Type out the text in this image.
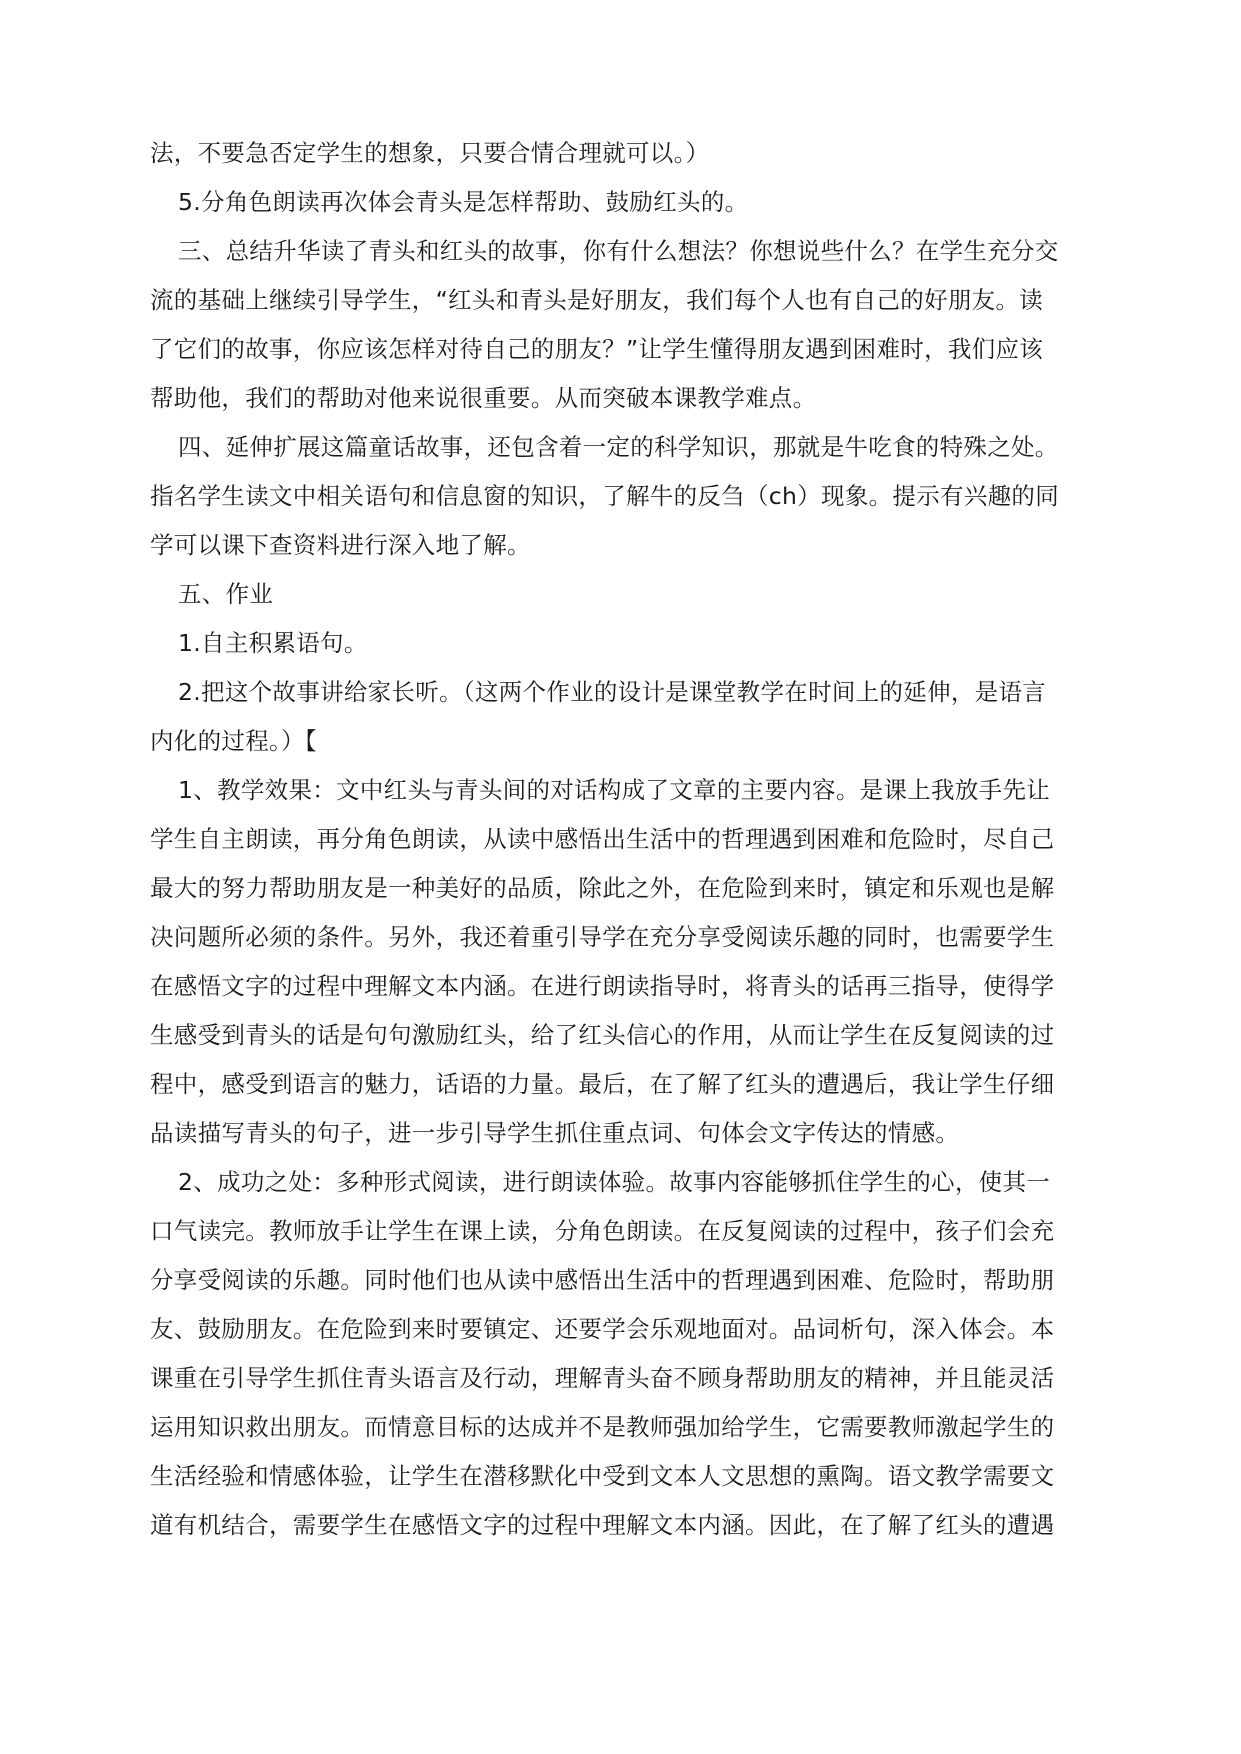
法，不要急否定学生的想象，只要合情合理就可以。）
5.分角色朗读再次体会青头是怎样帮助、鼓励红头的。
三、总结升华读了青头和红头的故事，你有什么想法？你想说些什么？在学生充分交
流的基础上继续引导学生，“红头和青头是好朋友，我们每个人也有自己的好朋友。读
了它们的故事，你应该怎样对待自己的朋友？”让学生懂得朋友遇到困难时，我们应该
帮助他，我们的帮助对他来说很重要。从而突破本课教学难点。
四、延伸扩展这篇童话故事，还包含着一定的科学知识，那就是牛吃食的特殊之处。
指名学生读文中相关语句和信息窗的知识，了解牛的反刍（ch）现象。提示有兴趣的同
学可以课下查资料进行深入地了解。
五、作业
1.自主积累语句。
2.把这个故事讲给家长听。（这两个作业的设计是课堂教学在时间上的延伸，是语言
内化的过程。）【
1、教学效果：文中红头与青头间的对话构成了文章的主要内容。是课上我放手先让
学生自主朗读，再分角色朗读，从读中感悟出生活中的哲理遇到困难和危险时，尽自己
最大的努力帮助朋友是一种美好的品质，除此之外，在危险到来时，镇定和乐观也是解
决问题所必须的条件。另外，我还着重引导学在充分享受阅读乐趣的同时，也需要学生
在感悟文字的过程中理解文本内涵。在进行朗读指导时，将青头的话再三指导，使得学
生感受到青头的话是句句激励红头，给了红头信心的作用，从而让学生在反复阅读的过
程中，感受到语言的魅力，话语的力量。最后，在了解了红头的遭遇后，我让学生仔细
品读描写青头的句子，进一步引导学生抓住重点词、句体会文字传达的情感。
2、成功之处：多种形式阅读，进行朗读体验。故事内容能够抓住学生的心，使其一
口气读完。教师放手让学生在课上读，分角色朗读。在反复阅读的过程中，孩子们会充
分享受阅读的乐趣。同时他们也从读中感悟出生活中的哲理遇到困难、危险时，帮助朋
友、鼓励朋友。在危险到来时要镇定、还要学会乐观地面对。品词析句，深入体会。本
课重在引导学生抓住青头语言及行动，理解青头奋不顾身帮助朋友的精神，并且能灵活
运用知识救出朋友。而情意目标的达成并不是教师强加给学生，它需要教师激起学生的
生活经验和情感体验，让学生在潜移默化中受到文本人文思想的熏陶。语文教学需要文
道有机结合，需要学生在感悟文字的过程中理解文本内涵。因此，在了解了红头的遭遇
